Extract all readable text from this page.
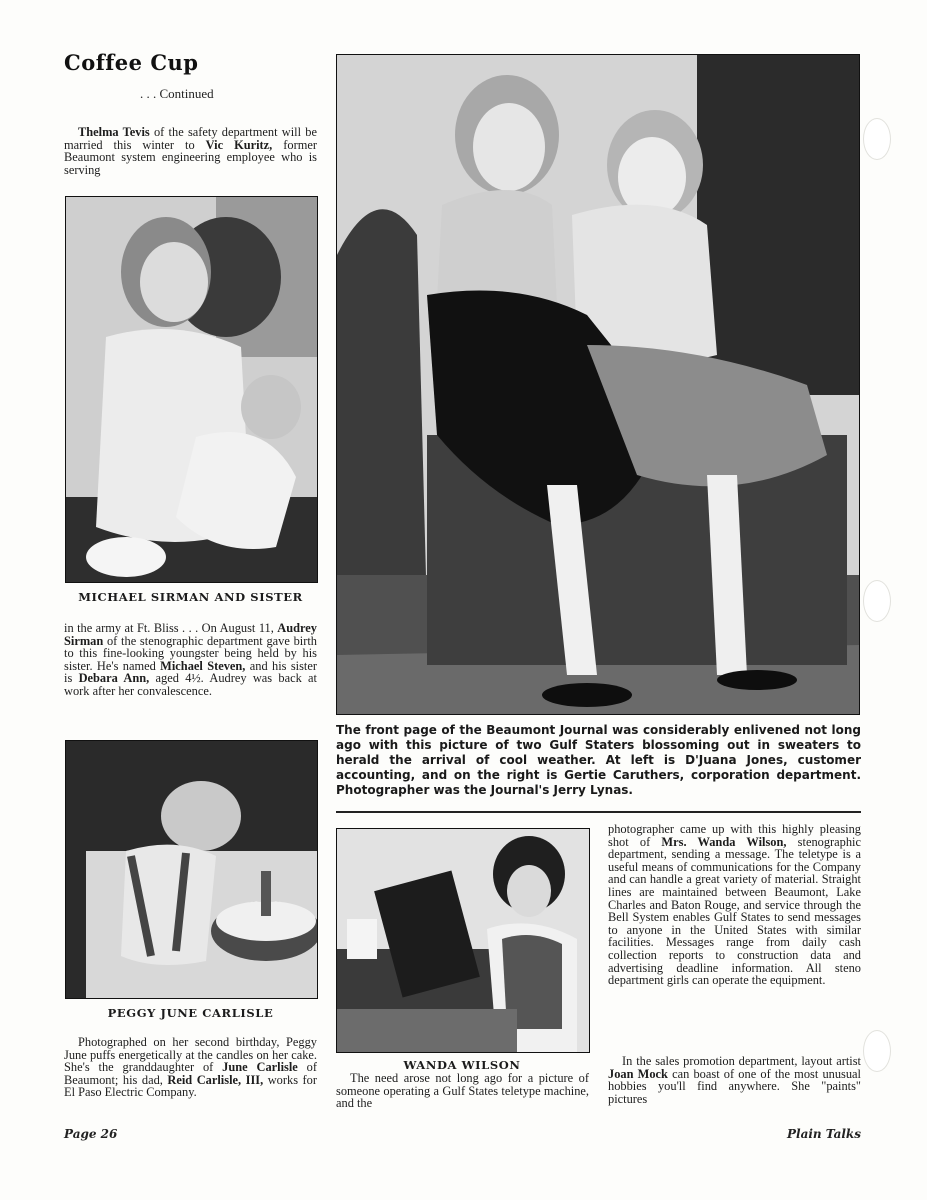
Coffee Cup
. . . Continued
Thelma Tevis of the safety department will be married this winter to Vic Kuritz, former Beaumont system engineering employee who is serving
MICHAEL SIRMAN AND SISTER
in the army at Ft. Bliss . . . On August 11, Audrey Sirman of the stenographic department gave birth to this fine-looking youngster being held by his sister. He's named Michael Steven, and his sister is Debara Ann, aged 4½. Audrey was back at work after her convalescence.
PEGGY JUNE CARLISLE
Photographed on her second birthday, Peggy June puffs energetically at the candles on her cake. She's the granddaughter of June Carlisle of Beaumont; his dad, Reid Carlisle, III, works for El Paso Electric Company.
The front page of the Beaumont Journal was considerably enlivened not long ago with this picture of two Gulf Staters blossoming out in sweaters to herald the arrival of cool weather. At left is D'Juana Jones, customer accounting, and on the right is Gertie Caruthers, corporation department. Photographer was the Journal's Jerry Lynas.
WANDA WILSON
The need arose not long ago for a picture of someone operating a Gulf States teletype machine, and the
photographer came up with this highly pleasing shot of Mrs. Wanda Wilson, stenographic department, sending a message. The teletype is a useful means of communications for the Company and can handle a great variety of material. Straight lines are maintained between Beaumont, Lake Charles and Baton Rouge, and service through the Bell System enables Gulf States to send messages to anyone in the United States with similar facilities. Messages range from daily cash collection reports to construction data and advertising deadline information. All steno department girls can operate the equipment.
In the sales promotion department, layout artist Joan Mock can boast of one of the most unusual hobbies you'll find anywhere. She "paints" pictures
Page 26	Plain Talks
